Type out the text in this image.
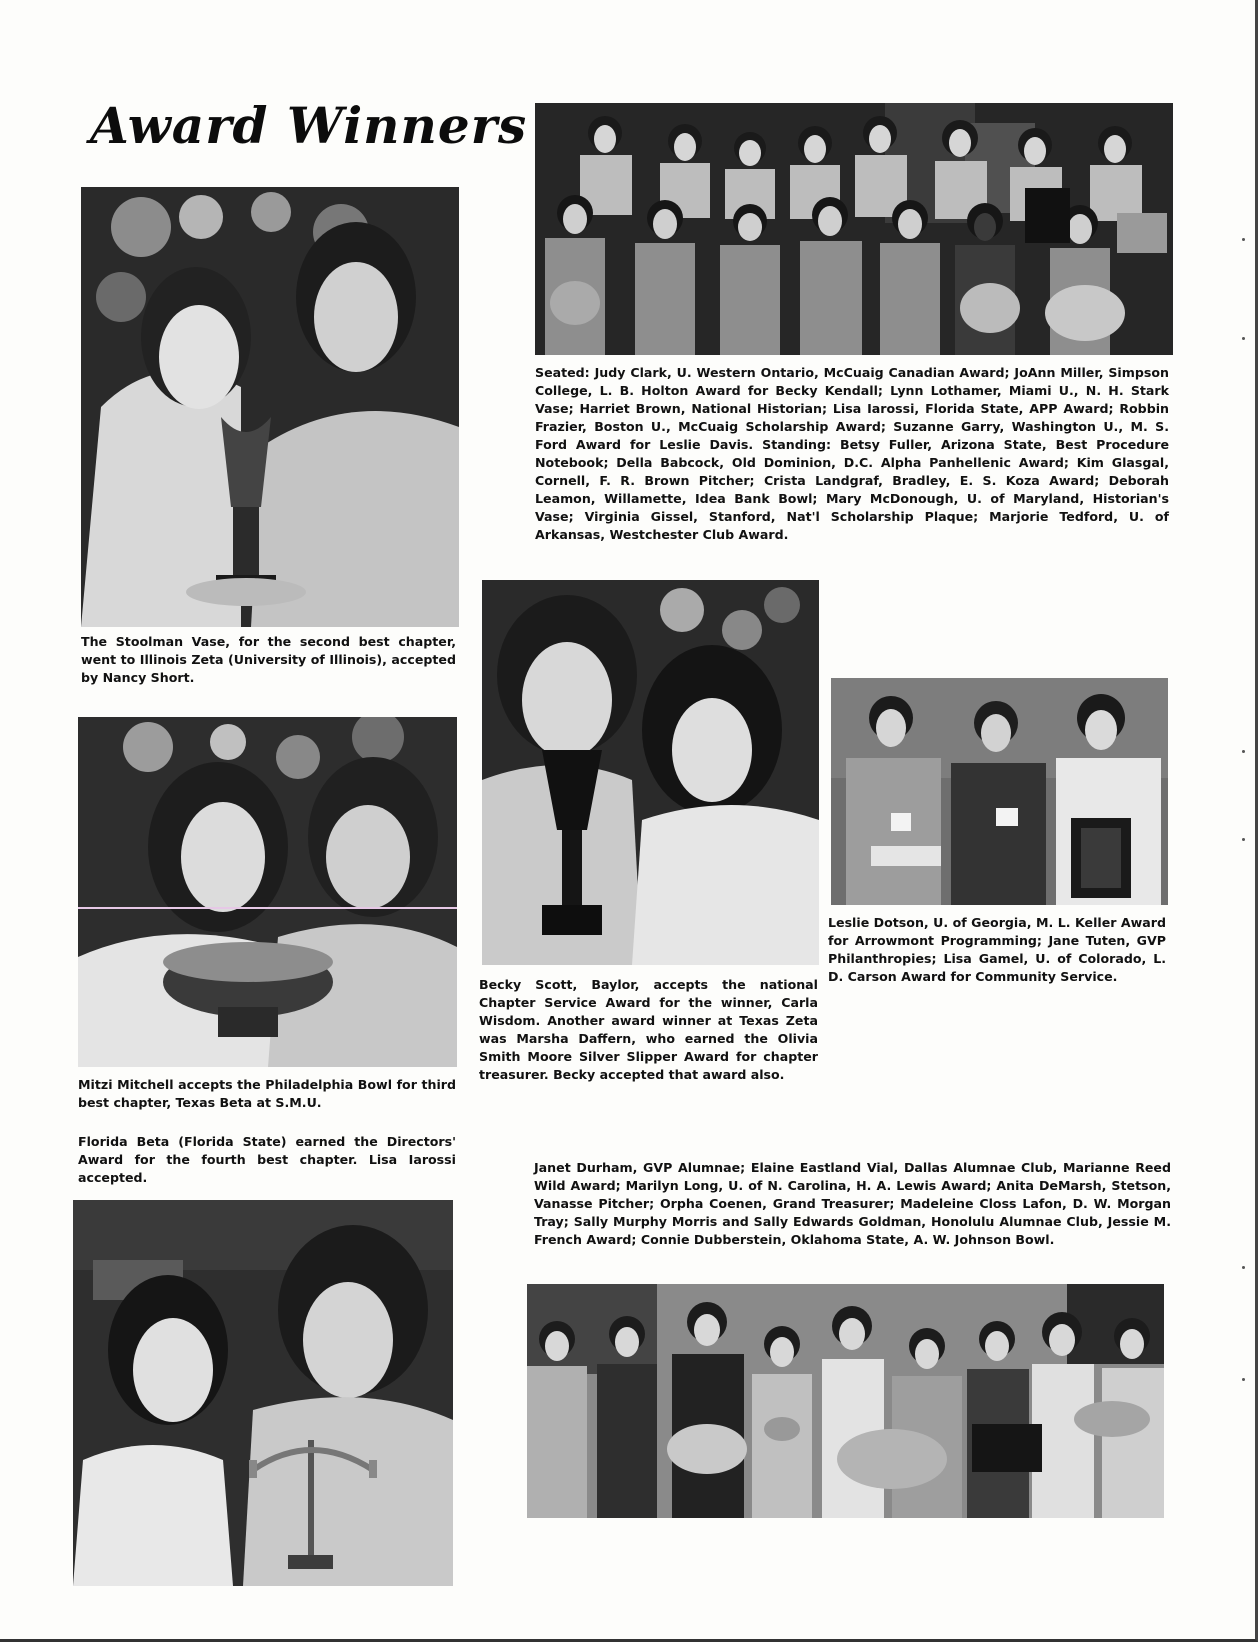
Award Winners
The Stoolman Vase, for the second best chapter, went to Illinois Zeta (University of Illinois), accepted by Nancy Short.
Mitzi Mitchell accepts the Philadelphia Bowl for third best chapter, Texas Beta at S.M.U.
Florida Beta (Florida State) earned the Directors' Award for the fourth best chapter. Lisa Iarossi accepted.
Seated: Judy Clark, U. Western Ontario, McCuaig Canadian Award; JoAnn Miller, Simpson College, L. B. Holton Award for Becky Kendall; Lynn Lothamer, Miami U., N. H. Stark Vase; Harriet Brown, National Historian; Lisa Iarossi, Florida State, APP Award; Robbin Frazier, Boston U., McCuaig Scholarship Award; Suzanne Garry, Washington U., M. S. Ford Award for Leslie Davis. Standing: Betsy Fuller, Arizona State, Best Procedure Notebook; Della Babcock, Old Dominion, D.C. Alpha Panhellenic Award; Kim Glasgal, Cornell, F. R. Brown Pitcher; Crista Landgraf, Bradley, E. S. Koza Award; Deborah Leamon, Willamette, Idea Bank Bowl; Mary McDonough, U. of Maryland, Historian's Vase; Virginia Gissel, Stanford, Nat'l Scholarship Plaque; Marjorie Tedford, U. of Arkansas, Westchester Club Award.
Becky Scott, Baylor, accepts the national Chapter Service Award for the winner, Carla Wisdom. Another award winner at Texas Zeta was Marsha Daffern, who earned the Olivia Smith Moore Silver Slipper Award for chapter treasurer. Becky accepted that award also.
Leslie Dotson, U. of Georgia, M. L. Keller Award for Arrowmont Programming; Jane Tuten, GVP Philanthropies; Lisa Gamel, U. of Colorado, L. D. Carson Award for Community Service.
Janet Durham, GVP Alumnae; Elaine Eastland Vial, Dallas Alumnae Club, Marianne Reed Wild Award; Marilyn Long, U. of N. Carolina, H. A. Lewis Award; Anita DeMarsh, Stetson, Vanasse Pitcher; Orpha Coenen, Grand Treasurer; Madeleine Closs Lafon, D. W. Morgan Tray; Sally Murphy Morris and Sally Edwards Goldman, Honolulu Alumnae Club, Jessie M. French Award; Connie Dubberstein, Oklahoma State, A. W. Johnson Bowl.
